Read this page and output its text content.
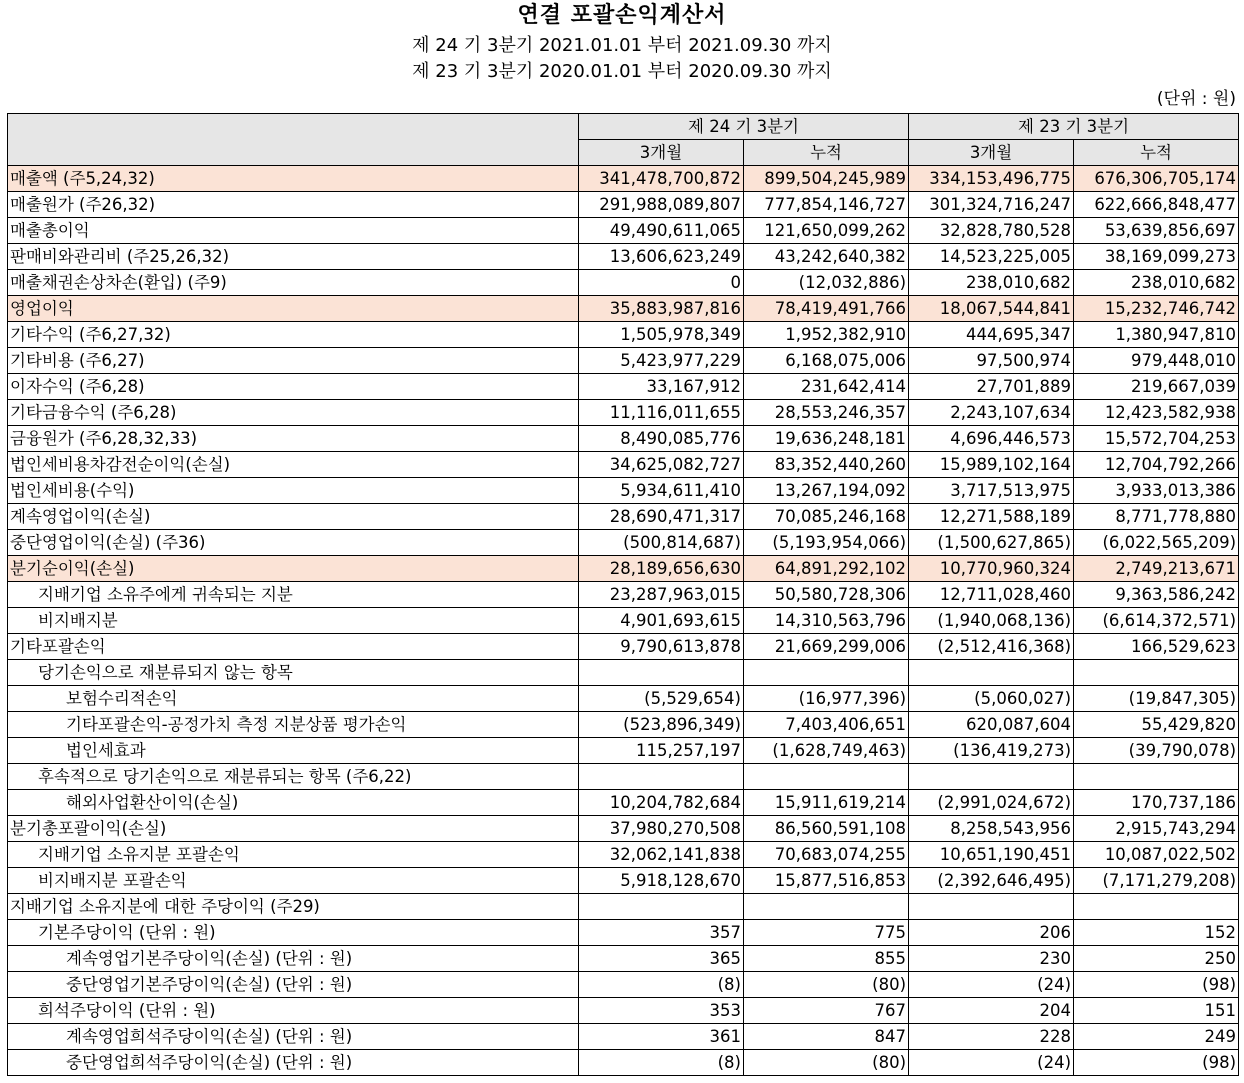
연결 포괄손익계산서
제 24 기 3분기 2021.01.01 부터 2021.09.30 까지
제 23 기 3분기 2020.01.01 부터 2020.09.30 까지
(단위 : 원)
	제 24 기 3분기		제 23 기 3분기	
	3개월	누적	3개월	누적
매출액 (주5,24,32)	341,478,700,872	899,504,245,989	334,153,496,775	676,306,705,174
매출원가 (주26,32)	291,988,089,807	777,854,146,727	301,324,716,247	622,666,848,477
매출총이익	49,490,611,065	121,650,099,262	32,828,780,528	53,639,856,697
판매비와관리비 (주25,26,32)	13,606,623,249	43,242,640,382	14,523,225,005	38,169,099,273
매출채권손상차손(환입) (주9)	0	(12,032,886)	238,010,682	238,010,682
영업이익	35,883,987,816	78,419,491,766	18,067,544,841	15,232,746,742
기타수익 (주6,27,32)	1,505,978,349	1,952,382,910	444,695,347	1,380,947,810
기타비용 (주6,27)	5,423,977,229	6,168,075,006	97,500,974	979,448,010
이자수익 (주6,28)	33,167,912	231,642,414	27,701,889	219,667,039
기타금융수익 (주6,28)	11,116,011,655	28,553,246,357	2,243,107,634	12,423,582,938
금융원가 (주6,28,32,33)	8,490,085,776	19,636,248,181	4,696,446,573	15,572,704,253
법인세비용차감전순이익(손실)	34,625,082,727	83,352,440,260	15,989,102,164	12,704,792,266
법인세비용(수익)	5,934,611,410	13,267,194,092	3,717,513,975	3,933,013,386
계속영업이익(손실)	28,690,471,317	70,085,246,168	12,271,588,189	8,771,778,880
중단영업이익(손실) (주36)	(500,814,687)	(5,193,954,066)	(1,500,627,865)	(6,022,565,209)
분기순이익(손실)	28,189,656,630	64,891,292,102	10,770,960,324	2,749,213,671
지배기업 소유주에게 귀속되는 지분	23,287,963,015	50,580,728,306	12,711,028,460	9,363,586,242
비지배지분	4,901,693,615	14,310,563,796	(1,940,068,136)	(6,614,372,571)
기타포괄손익	9,790,613,878	21,669,299,006	(2,512,416,368)	166,529,623
당기손익으로 재분류되지 않는 항목				
보험수리적손익	(5,529,654)	(16,977,396)	(5,060,027)	(19,847,305)
기타포괄손익-공정가치 측정 지분상품 평가손익	(523,896,349)	7,403,406,651	620,087,604	55,429,820
법인세효과	115,257,197	(1,628,749,463)	(136,419,273)	(39,790,078)
후속적으로 당기손익으로 재분류되는 항목 (주6,22)				
해외사업환산이익(손실)	10,204,782,684	15,911,619,214	(2,991,024,672)	170,737,186
분기총포괄이익(손실)	37,980,270,508	86,560,591,108	8,258,543,956	2,915,743,294
지배기업 소유지분 포괄손익	32,062,141,838	70,683,074,255	10,651,190,451	10,087,022,502
비지배지분 포괄손익	5,918,128,670	15,877,516,853	(2,392,646,495)	(7,171,279,208)
지배기업 소유지분에 대한 주당이익 (주29)				
기본주당이익 (단위 : 원)	357	775	206	152
계속영업기본주당이익(손실) (단위 : 원)	365	855	230	250
중단영업기본주당이익(손실) (단위 : 원)	(8)	(80)	(24)	(98)
희석주당이익 (단위 : 원)	353	767	204	151
계속영업희석주당이익(손실) (단위 : 원)	361	847	228	249
중단영업희석주당이익(손실) (단위 : 원)	(8)	(80)	(24)	(98)
